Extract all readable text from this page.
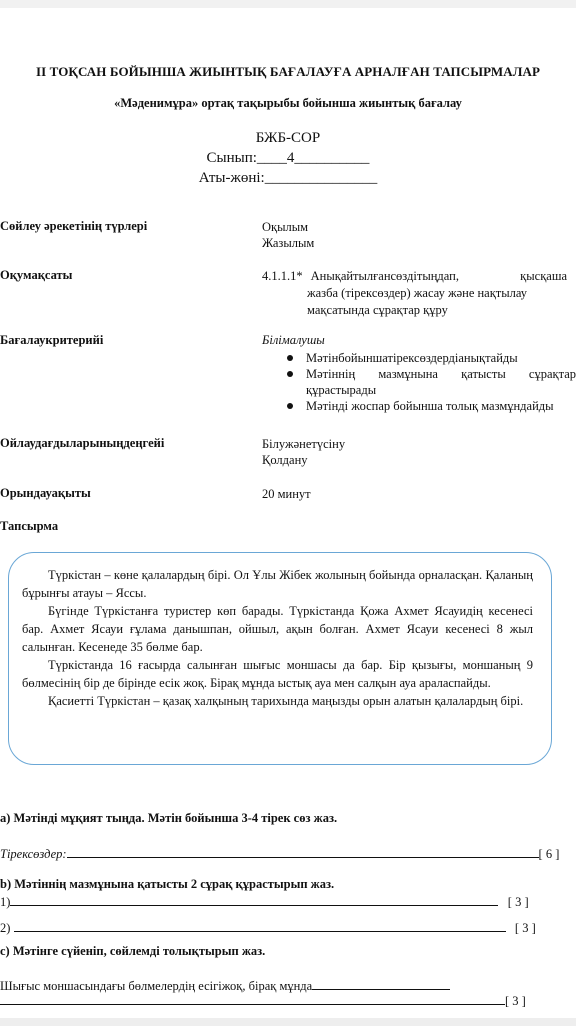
ІІ ТОҚСАН БОЙЫНША ЖИЫНТЫҚ БАҒАЛАУҒА АРНАЛҒАН ТАПСЫРМАЛАР
«Мәденимұра» ортақ тақырыбы бойынша жиынтық бағалау
БЖБ-СОР
Сынып:____4__________
Аты-жөні:_______________
Сөйлеу әрекетінің түрлері	Оқылым
Жазылым
Оқумақсаты	4.1.1.1* Анықайтылғансөздітыңдап, қысқаша
жазба (тірексөздер) жасау және нақтылау
мақсатында сұрақтар құру
Бағалаукритерийі	Білімалушы
Мәтінбойыншатірексөздердіанықтайды
Мәтіннің мазмұнына қатысты сұрақтар құрастырады
Мәтінді жоспар бойынша толық мазмұндайды
Ойлаудағдыларыныңдеңгейі	Білужәнетүсіну
Қолдану
Орындауақыты	20 минут
Тапсырма

Түркістан – көне қалалардың бірі. Ол Ұлы Жібек жолының бойында орналасқан. Қаланың бұрынғы атауы – Яссы.

Бүгінде Түркістанға туристер көп барады. Түркістанда Қожа Ахмет Ясауидің кесенесі бар. Ахмет Ясауи ғұлама данышпан, ойшыл, ақын болған. Ахмет Ясауи кесенесі 8 жыл салынған. Кесенеде 35 бөлме бар.

Түркістанда 16 ғасырда салынған шығыс моншасы да бар. Бір қызығы, моншаның 9 бөлмесінің бір де бірінде есік жоқ. Бірақ мұнда ыстық ауа мен салқын ауа араласпайды.

Қасиетті Түркістан – қазақ халқының тарихында маңызды орын алатын қалалардың бірі.

а) Мәтінді мұқият тыңда. Мәтін бойынша 3-4 тірек сөз жаз.
Тірексөздер:	[ 6 ]
b) Мәтіннің мазмұнына қатысты 2 сұрақ құрастырып жаз.
1)	[ 3 ]
2)	[ 3 ]
c) Мәтінге сүйеніп, сөйлемді толықтырып жаз.
Шығыс моншасындағы бөлмелердің есігіжоқ, бірақ мұнда
[ 3 ]
